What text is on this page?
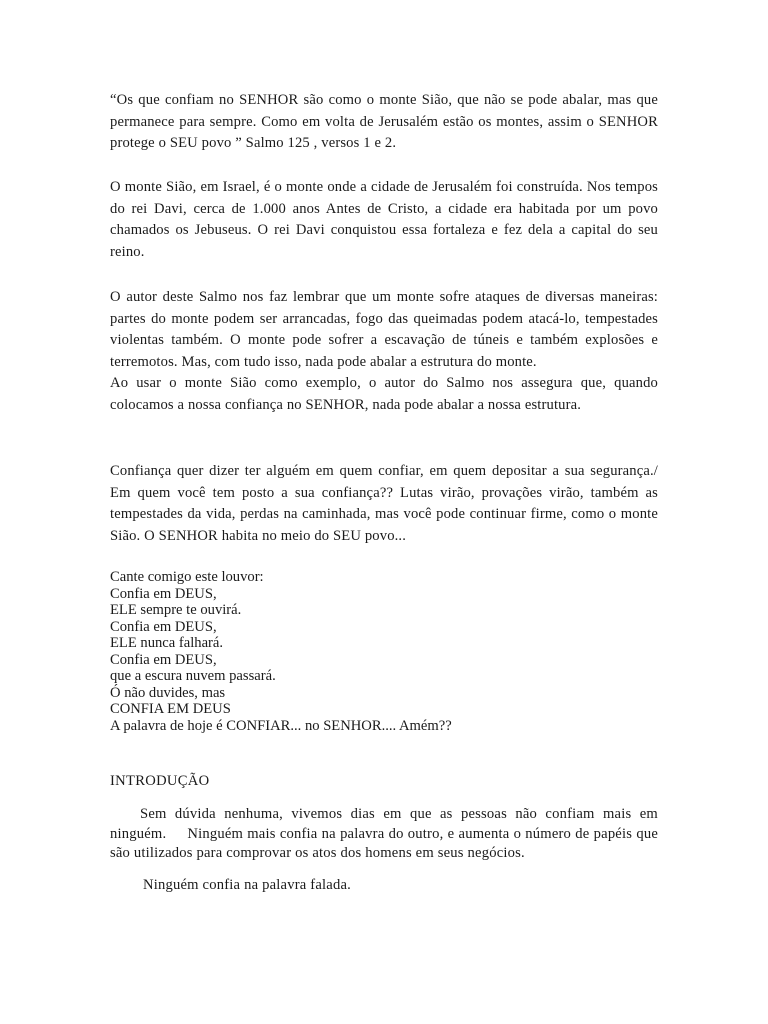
“Os que confiam no SENHOR são como o monte Sião, que não se pode abalar, mas que permanece para sempre. Como em volta de Jerusalém estão os montes, assim o SENHOR protege o SEU povo ” Salmo 125 , versos 1 e 2.

O monte Sião, em Israel, é o monte onde a cidade de Jerusalém foi construída. Nos tempos do rei Davi, cerca de 1.000 anos Antes de Cristo, a cidade era habitada por um povo chamados os Jebuseus. O rei Davi conquistou essa fortaleza e fez dela a capital do seu reino.

O autor deste Salmo nos faz lembrar que um monte sofre ataques de diversas maneiras: partes do monte podem ser arrancadas, fogo das queimadas podem atacá-lo, tempestades violentas também. O monte pode sofrer a escavação de túneis e também explosões e terremotos. Mas, com tudo isso, nada pode abalar a estrutura do monte.

Ao usar o monte Sião como exemplo, o autor do Salmo nos assegura que, quando colocamos a nossa confiança no SENHOR, nada pode abalar a nossa estrutura.

Confiança quer dizer ter alguém em quem confiar, em quem depositar a sua segurança./ Em quem você tem posto a sua confiança?? Lutas virão, provações virão, também as tempestades da vida, perdas na caminhada, mas você pode continuar firme, como o monte Sião. O SENHOR habita no meio do SEU povo...

Cante comigo este louvor:
Confia em DEUS,
ELE sempre te ouvirá.
Confia em DEUS,
ELE nunca falhará.
Confia em DEUS,
que a escura nuvem passará.
Ó não duvides, mas
CONFIA EM DEUS
A palavra de hoje é CONFIAR... no SENHOR.... Amém??
INTRODUÇÃO

Sem dúvida nenhuma, vivemos dias em que as pessoas não confiam mais em ninguém.     Ninguém mais confia na palavra do outro, e aumenta o número de papéis que são utilizados para comprovar os atos dos homens em seus negócios.

Ninguém confia na palavra falada.
